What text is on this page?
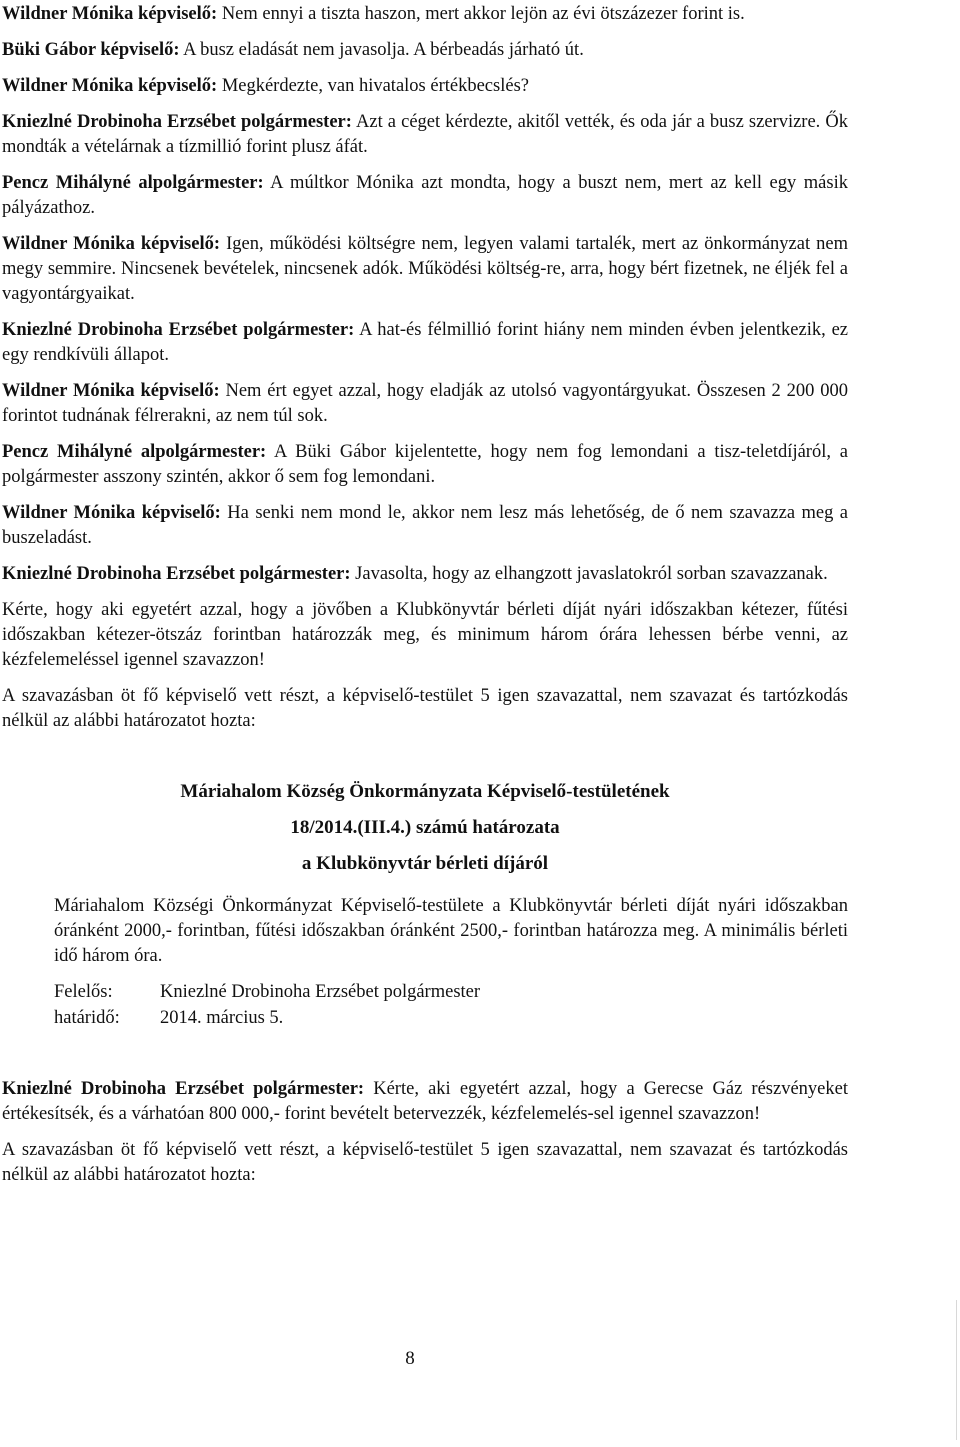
Wildner Mónika képviselő: Nem ennyi a tiszta haszon, mert akkor lejön az évi ötszázezer forint is.

Büki Gábor képviselő: A busz eladását nem javasolja. A bérbeadás járható út.

Wildner Mónika képviselő: Megkérdezte, van hivatalos értékbecslés?

Kniezlné Drobinoha Erzsébet polgármester: Azt a céget kérdezte, akitől vették, és oda jár a busz szervizre. Ők mondták a vételárnak a tízmillió forint plusz áfát.

Pencz Mihályné alpolgármester: A múltkor Mónika azt mondta, hogy a buszt nem, mert az kell egy másik pályázathoz.

Wildner Mónika képviselő: Igen, működési költségre nem, legyen valami tartalék, mert az önkormányzat nem megy semmire. Nincsenek bevételek, nincsenek adók. Működési költség-re, arra, hogy bért fizetnek, ne éljék fel a vagyontárgyaikat.

Kniezlné Drobinoha Erzsébet polgármester: A hat-és félmillió forint hiány nem minden évben jelentkezik, ez egy rendkívüli állapot.

Wildner Mónika képviselő: Nem ért egyet azzal, hogy eladják az utolsó vagyontárgyukat. Összesen 2 200 000 forintot tudnának félrerakni, az nem túl sok.

Pencz Mihályné alpolgármester: A Büki Gábor kijelentette, hogy nem fog lemondani a tisz-teletdíjáról, a polgármester asszony szintén, akkor ő sem fog lemondani.

Wildner Mónika képviselő: Ha senki nem mond le, akkor nem lesz más lehetőség, de ő nem szavazza meg a buszeladást.

Kniezlné Drobinoha Erzsébet polgármester: Javasolta, hogy az elhangzott javaslatokról sorban szavazzanak.

Kérte, hogy aki egyetért azzal, hogy a jövőben a Klubkönyvtár bérleti díját nyári időszakban kétezer, fűtési időszakban kétezer-ötszáz forintban határozzák meg, és minimum három órára lehessen bérbe venni, az kézfelemeléssel igennel szavazzon!

A szavazásban öt fő képviselő vett részt, a képviselő-testület 5 igen szavazattal, nem szavazat és tartózkodás nélkül az alábbi határozatot hozta:

Máriahalom Község Önkormányzata Képviselő-testületének

18/2014.(III.4.) számú határozata

a Klubkönyvtár bérleti díjáról

Máriahalom Községi Önkormányzat Képviselő-testülete a Klubkönyvtár bérleti díját nyári időszakban óránként 2000,- forintban, fűtési időszakban óránként 2500,- forintban határozza meg. A minimális bérleti idő három óra.

Felelős:	Kniezlné Drobinoha Erzsébet polgármester
határidő:	2014. március 5.

Kniezlné Drobinoha Erzsébet polgármester: Kérte, aki egyetért azzal, hogy a Gerecse Gáz részvényeket értékesítsék, és a várhatóan 800 000,- forint bevételt betervezzék, kézfelemelés-sel igennel szavazzon!

A szavazásban öt fő képviselő vett részt, a képviselő-testület 5 igen szavazattal, nem szavazat és tartózkodás nélkül az alábbi határozatot hozta:

8
